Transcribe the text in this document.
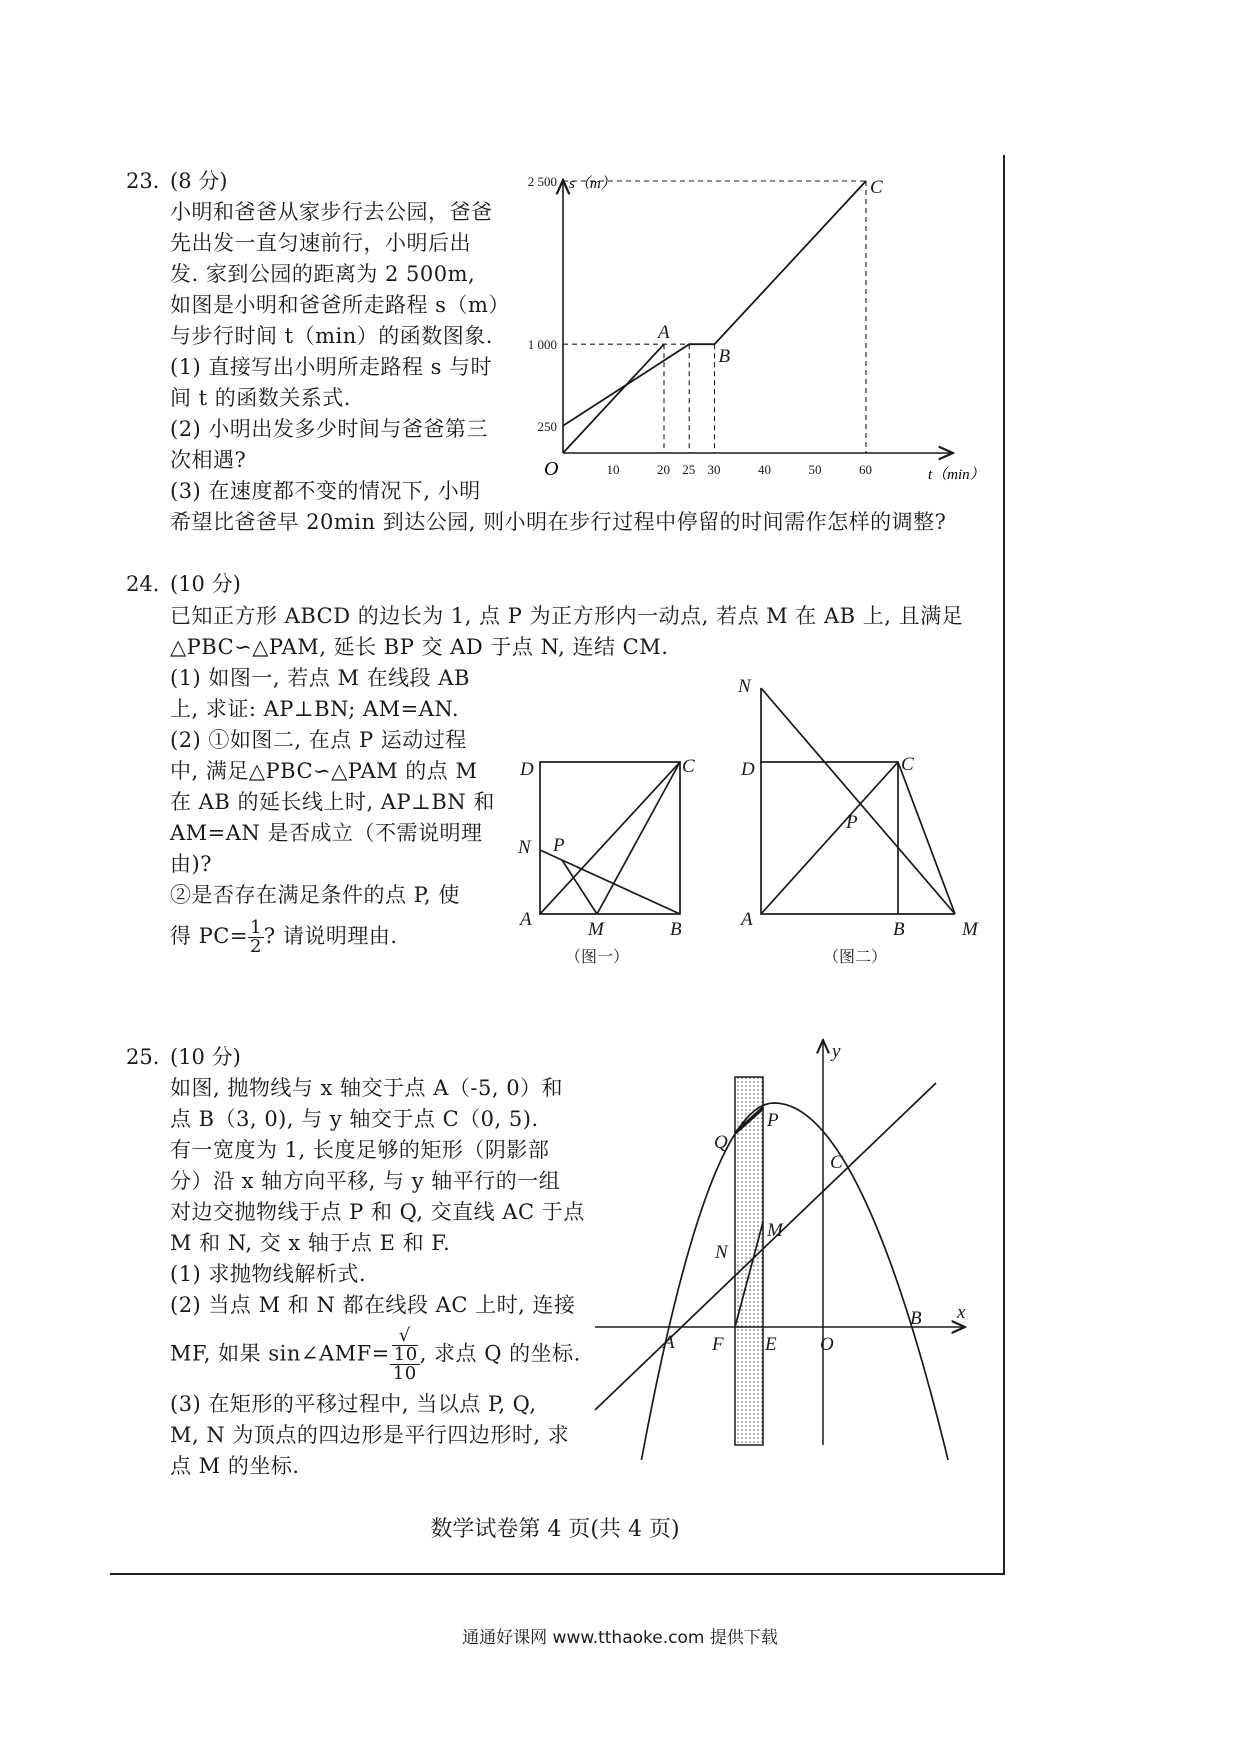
23. (8 分)
小明和爸爸从家步行去公园，爸爸
先出发一直匀速前行，小明后出
发. 家到公园的距离为 2 500m,
如图是小明和爸爸所走路程 s（m）
与步行时间 t（min）的函数图象.
(1) 直接写出小明所走路程 s 与时
间 t 的函数关系式.
(2) 小明出发多少时间与爸爸第三
次相遇?
(3) 在速度都不变的情况下, 小明
希望比爸爸早 20min 到达公园, 则小明在步行过程中停留的时间需作怎样的调整?
10	20 25 30	40	50	60
2 500
1 000
250
A
B
C
s（m）
t（min）
O
24. (10 分)
已知正方形 ABCD 的边长为 1, 点 P 为正方形内一动点, 若点 M 在 AB 上, 且满足
△PBC∽△PAM, 延长 BP 交 AD 于点 N, 连结 CM.
(1) 如图一, 若点 M 在线段 AB
上, 求证: AP⊥BN; AM=AN.
(2) ①如图二, 在点 P 运动过程
中, 满足△PBC∽△PAM 的点 M
在 AB 的延长线上时, AP⊥BN 和
AM=AN 是否成立（不需说明理
由)?
②是否存在满足条件的点 P, 使
得 $PC= \frac{1}{2}$ ? 请说明理由.
D	C
N P
A	M	B
（图一）
N
D	C
P
A	B	M
（图二）
25. (10 分)
如图, 抛物线与 x 轴交于点 A（-5, 0）和
点 B（3, 0), 与 y 轴交于点 C（0, 5).
有一宽度为 1, 长度足够的矩形（阴影部
分）沿 x 轴方向平移, 与 y 轴平行的一组
对边交抛物线于点 P 和 Q, 交直线 AC 于点
M 和 N, 交 x 轴于点 E 和 F.
(1) 求抛物线解析式.
(2) 当点 M 和 N 都在线段 AC 上时, 连接
MF, 如果 sin∠AMF= √
10
10 , 求点 Q 的坐标.
(3) 在矩形的平移过程中, 当以点 P, Q,
M, N 为顶点的四边形是平行四边形时, 求
点 M 的坐标.
y
x
Q
P
C
N
M
A F E O
B
数学试卷第 4 页(共 4 页)
通通好课网 www.tthaoke.com 提供下载
